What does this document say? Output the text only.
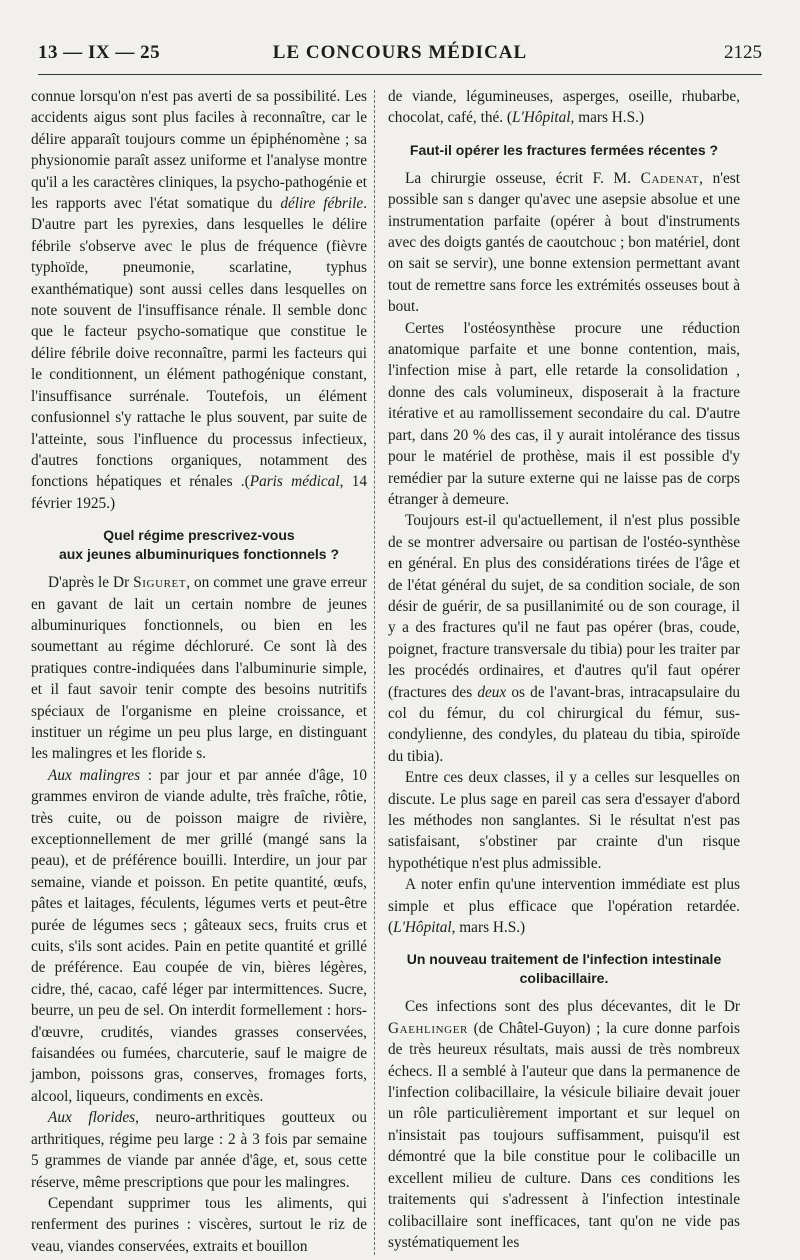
13 — IX — 25	LE CONCOURS MÉDICAL	2125

connue lorsqu'on n'est pas averti de sa possibilité. Les accidents aigus sont plus faciles à reconnaître, car le délire apparaît toujours comme un épiphénomène ; sa physionomie paraît assez uniforme et l'analyse montre qu'il a les caractères cliniques, la psycho-pathogénie et les rapports avec l'état somatique du délire fébrile. D'autre part les pyrexies, dans lesquelles le délire fébrile s'observe avec le plus de fréquence (fièvre typhoïde, pneumonie, scarlatine, typhus exanthématique) sont aussi celles dans lesquelles on note souvent de l'insuffisance rénale. Il semble donc que le facteur psycho-somatique que constitue le délire fébrile doive reconnaître, parmi les facteurs qui le conditionnent, un élément pathogénique constant, l'insuffisance surrénale. Toutefois, un élément confusionnel s'y rattache le plus souvent, par suite de l'atteinte, sous l'influence du processus infectieux, d'autres fonctions organiques, notamment des fonctions hépatiques et rénales .(Paris médical, 14 février 1925.)

Quel régime prescrivez-vous
aux jeunes albuminuriques fonctionnels ?

D'après le Dr Siguret, on commet une grave erreur en gavant de lait un certain nombre de jeunes albuminuriques fonctionnels, ou bien en les soumettant au régime déchloruré. Ce sont là des pratiques contre-indiquées dans l'albuminurie simple, et il faut savoir tenir compte des besoins nutritifs spéciaux de l'organisme en pleine croissance, et instituer un régime un peu plus large, en distinguant les malingres et les floride s.

Aux malingres : par jour et par année d'âge, 10 grammes environ de viande adulte, très fraîche, rôtie, très cuite, ou de poisson maigre de rivière, exceptionnellement de mer grillé (mangé sans la peau), et de préférence bouilli. Interdire, un jour par semaine, viande et poisson. En petite quantité, œufs, pâtes et laitages, féculents, légumes verts et peut-être purée de légumes secs ; gâteaux secs, fruits crus et cuits, s'ils sont acides. Pain en petite quantité et grillé de préférence. Eau coupée de vin, bières légères, cidre, thé, cacao, café léger par intermittences. Sucre, beurre, un peu de sel. On interdit formellement : hors-d'œuvre, crudités, viandes grasses conservées, faisandées ou fumées, charcuterie, sauf le maigre de jambon, poissons gras, conserves, fromages forts, alcool, liqueurs, condiments en excès.

Aux florides, neuro-arthritiques goutteux ou arthritiques, régime peu large : 2 à 3 fois par semaine 5 grammes de viande par année d'âge, et, sous cette réserve, même prescriptions que pour les malingres.

Cependant supprimer tous les aliments, qui renferment des purines : viscères, surtout le riz de veau, viandes conservées, extraits et bouillon

de viande, légumineuses, asperges, oseille, rhubarbe, chocolat, café, thé. (L'Hôpital, mars H.S.)

Faut-il opérer les fractures fermées récentes ?

La chirurgie osseuse, écrit F. M. Cadenat, n'est possible san s danger qu'avec une asepsie absolue et une instrumentation parfaite (opérer à bout d'instruments avec des doigts gantés de caoutchouc ; bon matériel, dont on sait se servir), une bonne extension permettant avant tout de remettre sans force les extrémités osseuses bout à bout.

Certes l'ostéosynthèse procure une réduction anatomique parfaite et une bonne contention, mais, l'infection mise à part, elle retarde la consolidation , donne des cals volumineux, disposerait à la fracture itérative et au ramollissement secondaire du cal. D'autre part, dans 20 % des cas, il y aurait intolérance des tissus pour le matériel de prothèse, mais il est possible d'y remédier par la suture externe qui ne laisse pas de corps étranger à demeure.

Toujours est-il qu'actuellement, il n'est plus possible de se montrer adversaire ou partisan de l'ostéo-synthèse en général. En plus des considérations tirées de l'âge et de l'état général du sujet, de sa condition sociale, de son désir de guérir, de sa pusillanimité ou de son courage, il y a des fractures qu'il ne faut pas opérer (bras, coude, poignet, fracture transversale du tibia) pour les traiter par les procédés ordinaires, et d'autres qu'il faut opérer (fractures des deux os de l'avant-bras, intracapsulaire du col du fémur, du col chirurgical du fémur, sus-condylienne, des condyles, du plateau du tibia, spiroïde du tibia).

Entre ces deux classes, il y a celles sur lesquelles on discute. Le plus sage en pareil cas sera d'essayer d'abord les méthodes non sanglantes. Si le résultat n'est pas satisfaisant, s'obstiner par crainte d'un risque hypothétique n'est plus admissible.

A noter enfin qu'une intervention immédiate est plus simple et plus efficace que l'opération retardée. (L'Hôpital, mars H.S.)

Un nouveau traitement de l'infection intestinale
colibacillaire.

Ces infections sont des plus décevantes, dit le Dr Gaehlinger (de Châtel-Guyon) ; la cure donne parfois de très heureux résultats, mais aussi de très nombreux échecs. Il a semblé à l'auteur que dans la permanence de l'infection colibacillaire, la vésicule biliaire devait jouer un rôle particulièrement important et sur lequel on n'insistait pas toujours suffisamment, puisqu'il est démontré que la bile constitue pour le colibacille un excellent milieu de culture. Dans ces conditions les traitements qui s'adressent à l'infection intestinale colibacillaire sont inefficaces, tant qu'on ne vide pas systématiquement les
